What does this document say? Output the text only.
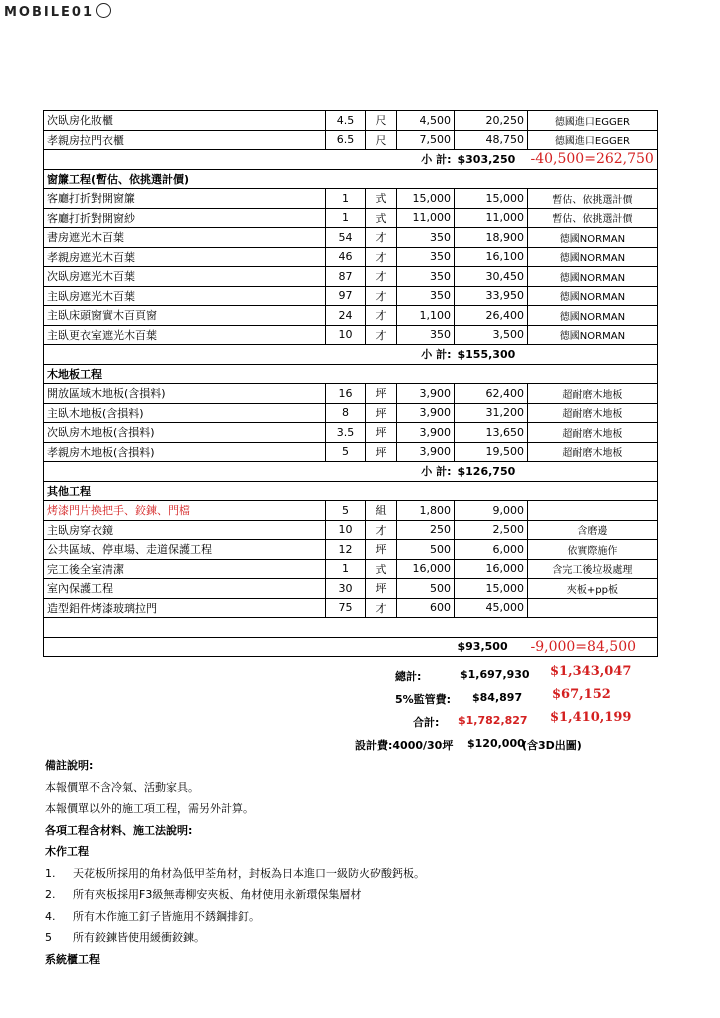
MOBILE01
次臥房化妝櫃	4.5	尺	4,500	20,250	德國進口EGGER
孝親房拉門衣櫃	6.5	尺	7,500	48,750	德國進口EGGER
小 計:				$303,250	-40,500=262,750
窗簾工程(暫估、依挑選計價)					
客廳打折對開窗簾	1	式	15,000	15,000	暫估、依挑選計價
客廳打折對開窗紗	1	式	11,000	11,000	暫估、依挑選計價
書房遮光木百葉	54	才	350	18,900	德國NORMAN
孝親房遮光木百葉	46	才	350	16,100	德國NORMAN
次臥房遮光木百葉	87	才	350	30,450	德國NORMAN
主臥房遮光木百葉	97	才	350	33,950	德國NORMAN
主臥床頭窗實木百頁窗	24	才	1,100	26,400	德國NORMAN
主臥更衣室遮光木百葉	10	才	350	3,500	德國NORMAN
小 計:				$155,300	
木地板工程					
開放區域木地板(含損料)	16	坪	3,900	62,400	超耐磨木地板
主臥木地板(含損料)	8	坪	3,900	31,200	超耐磨木地板
次臥房木地板(含損料)	3.5	坪	3,900	13,650	超耐磨木地板
孝親房木地板(含損料)	5	坪	3,900	19,500	超耐磨木地板
小 計:				$126,750	
其他工程					
烤漆門片換把手、鉸鍊、門檔	5	組	1,800	9,000	
主臥房穿衣鏡	10	才	250	2,500	含磨邊
公共區域、停車場、走道保護工程	12	坪	500	6,000	依實際施作
完工後全室清潔	1	式	16,000	16,000	含完工後垃圾處理
室內保護工程	30	坪	500	15,000	夾板+pp板
造型鋁件烤漆玻璃拉門	75	才	600	45,000	

				$93,500	-9,000=84,500
總計:	$1,697,930 $1,343,047
5%監管費: $84,897 $67,152
合計: $1,782,827 $1,410,199
設計費:4000/30坪 $120,000
(含3D出圖)
備註說明:
本報價單不含冷氣、活動家具。
本報價單以外的施工項工程，需另外計算。
各項工程含材料、施工法說明:
木作工程
1.	天花板所採用的角材為低甲荃角材，封板為日本進口一級防火矽酸鈣板。
2.	所有夾板採用F3級無毒柳安夾板、角材使用永新環保集層材
4.	所有木作施工釘子皆施用不銹鋼排釘。
5	所有鉸鍊皆使用緩衝鉸鍊。
系統櫃工程
